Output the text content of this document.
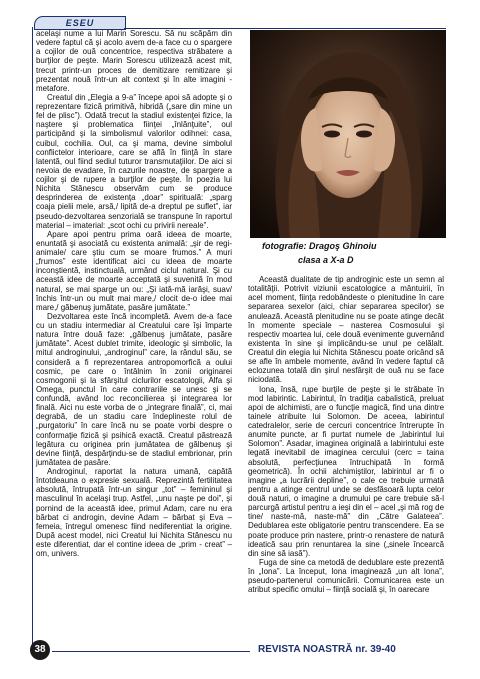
ESEU

acelaşi nume a lui Marin Sorescu. Să nu scăpăm din vedere faptul că şi acolo avem de-a face cu o spargere a cojilor de ouă concentrice, respectiva străbatere a burţilor de peşte. Marin Sorescu utilizează acest mit, trecut printr-un proces de demitizare remitizare şi prezentat nouă într-un alt context şi în alte imagini - metafore.

Creatul din „Elegia a 9-a” începe apoi să adopte şi o reprezentare fizică primitivă, hibridă („sare din mine un fel de plisc”). Odată trecut la stadiul existenţei fizice, la naştere şi problematica fiinţei „înlănţuite”, oul participând şi la simbolismul valorilor odihnei: casa, cuibul, cochilia. Oul, ca şi mama, devine simbolul conflictelor interioare, care se află în fiinţă în stare latentă, oul fiind sediul tuturor transmutaţiilor. De aici si nevoia de evadare, în cazurile noastre, de spargere a cojilor şi de rupere a burţilor de peşte. În poezia lui Nichita Stănescu observăm cum se produce desprinderea de existenţa „doar” spirituală: „sparg coaja pielii mele, arsă,/ lipită de-a dreptul pe suflet”, iar pseudo-dezvoltarea senzorială se transpune în raportul material – imaterial: „scot ochi cu privirii nereale”.

Apare apoi pentru prima oară ideea de moarte, enuntată şi asociată cu existenta animală: „şir de regi-animale/ care ştiu cum se moare frumos.” A muri „frumos” este identificat aici cu ideea de moarte inconştientă, instinctuală, urmând ciclul natural. Şi cu aceastǎ idee de moarte acceptată şi suvenită în mod natural, se mai spargе un ou: „Şi iată-mă iarăşi, suav/ închis într-un ou mult mai mare,/ clocit de-o idee mai mare,/ găbenuş jumătate, pasăre jumătate.”

Dezvoltarea este încă incompletă. Avem de-a face cu un stadiu intermediar al Creatului care îşi împarte natura între două faze: „gălbenuş jumătate, pasăre jumătate”. Acest dublet trimite, ideologic şi simbolic, la mitul androginului, „androginul” care, la rândul său, se consideră a fi reprezentarea antropomorfică a oului cosmic, pe care o întâlnim în zonii originarei cosmogonii şi la sfârşitul ciclurilor escatologii, Alfa şi Omega, punctul în care contrariile se unesc şi se confundă, având loc reconcilierea şi integrarea lor finală. Aici nu este vorba de o „integrare finală”, ci, mai degrabă, de un stadiu care îndeplineste rolul de „purgatoriu” în care încă nu se poate vorbi despre o conformaţie fizică şi psihică exactă. Creatul păstrează legătura cu originea prin jumătatea de gălbenuş şi devine fiinţă, despărţindu-se de stadiul embrionar, prin jumătatea de pasăre.

Androginul, raportat la natura umană, capătă întotdeauna o expresie sexuală. Reprezintă fertilitatea absolută, întrupată într-un singur „tot” – femininul şi masculinul în acelaşi trup. Astfel, „unu naşte pe doi”, şi pornind de la această idee, primul Adam, care nu era bărbat ci androgin, devine Adam – bărbat şi Eva – femeia, întregul omenesc fiind nediferentiat la origine. După acest model, nici Creatul lui Nichita Stănescu nu este diferentiat, dar el contine ideea de „prim - creat” – om, univers.

fotografie: Dragoş Ghinoiu
clasa a X-a D

Această dualitate de tip androginic este un semn al totalităţii. Potrivit viziunii escatologice a mântuirii, în acel moment, fiinţa redobândeste o plenitudine în care separarea sexelor (aici, chiar separarea specilor) se anulează. Această plenitudine nu se poate atinge decât în momente speciale – nasterea Cosmosului şi respectiv moartea lui, cele două evenimente guvernând existenta în sine şi implicându-se unul pe celălalt. Creatul din elegia lui Nichita Stănescu poate oricând să se afle în ambele momente, având în vedere faptul că eclozunea totală din şirul nesfârşit de ouă nu se face niciodată.

Iona, însă, rupe burţile de peşte şi le străbate în mod labirintic. Labirintul, în tradiţia cabalistică, preluat apoi de alchimisti, are o funcţie magică, find una dintre tainele atribuite lui Solomon. De aceea, labirintul catedralelor, serie de cercuri concentrice întrerupte în anumite puncte, ar fi purtat numele de „labirintul lui Solomon”. Asadar, imaginea originală a labirintului este legată inevitabil de imaginea cercului (cerc = taina absolută, perfecţiunea întruchipată în formă geometrică). În ochii alchimiştilor, labirintul ar fi o imagine „a lucrării depline”, o cale ce trebuie urmată pentru a atinge centrul unde se desfăsoară lupta celor două naturi, o imagine a drumului pe care trebuie să-l parcurgă artistul pentru a ieşi din el – acel „şi mă rog de tine/ naste-mă, naste-mă” din „Către Galateea”. Dedublarea este obligatorie pentru transcendere. Ea se poate produce prin nastere, printr-o renastere de natură ideatică sau prin renuntarea la sine („sinele încearcă din sine să iasă”).

Fuga de sine ca metodă de dedublare este prezentă în „Iona”. La început, Iona imaginează „un alt Iona”, pseudo-partenerul comunicării. Comunicarea este un atribut specific omului – fiinţă socială şi, în oarecare

38	REVISTA NOASTRĂ nr. 39-40
